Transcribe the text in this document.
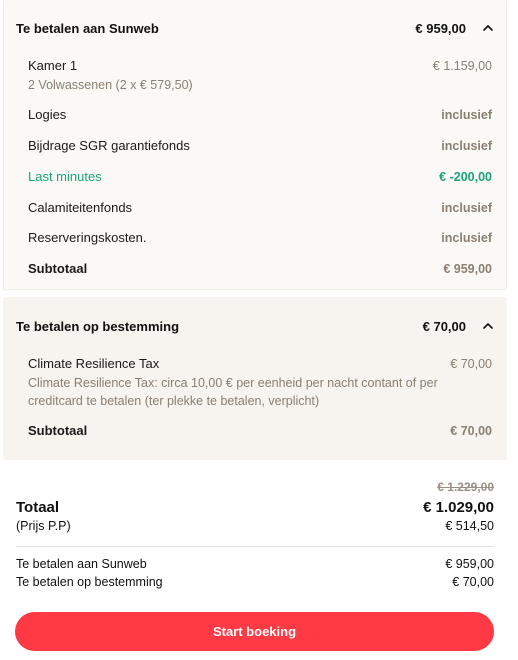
Te betalen aan Sunweb	€ 959,00
Kamer 1	€ 1.159,00
2 Volwassenen (2 x € 579,50)
Logies	inclusief
Bijdrage SGR garantiefonds	inclusief
Last minutes	€ -200,00
Calamiteitenfonds	inclusief
Reserveringskosten.	inclusief
Subtotaal	€ 959,00
Te betalen op bestemming	€ 70,00
Climate Resilience Tax	€ 70,00
Climate Resilience Tax: circa 10,00 € per eenheid per nacht contant of per
creditcard te betalen (ter plekke te betalen, verplicht)
Subtotaal	€ 70,00
€ 1.229,00
Totaal	€ 1.029,00
(Prijs P.P)	€ 514,50
Te betalen aan Sunweb	€ 959,00
Te betalen op bestemming	€ 70,00
Start boeking
